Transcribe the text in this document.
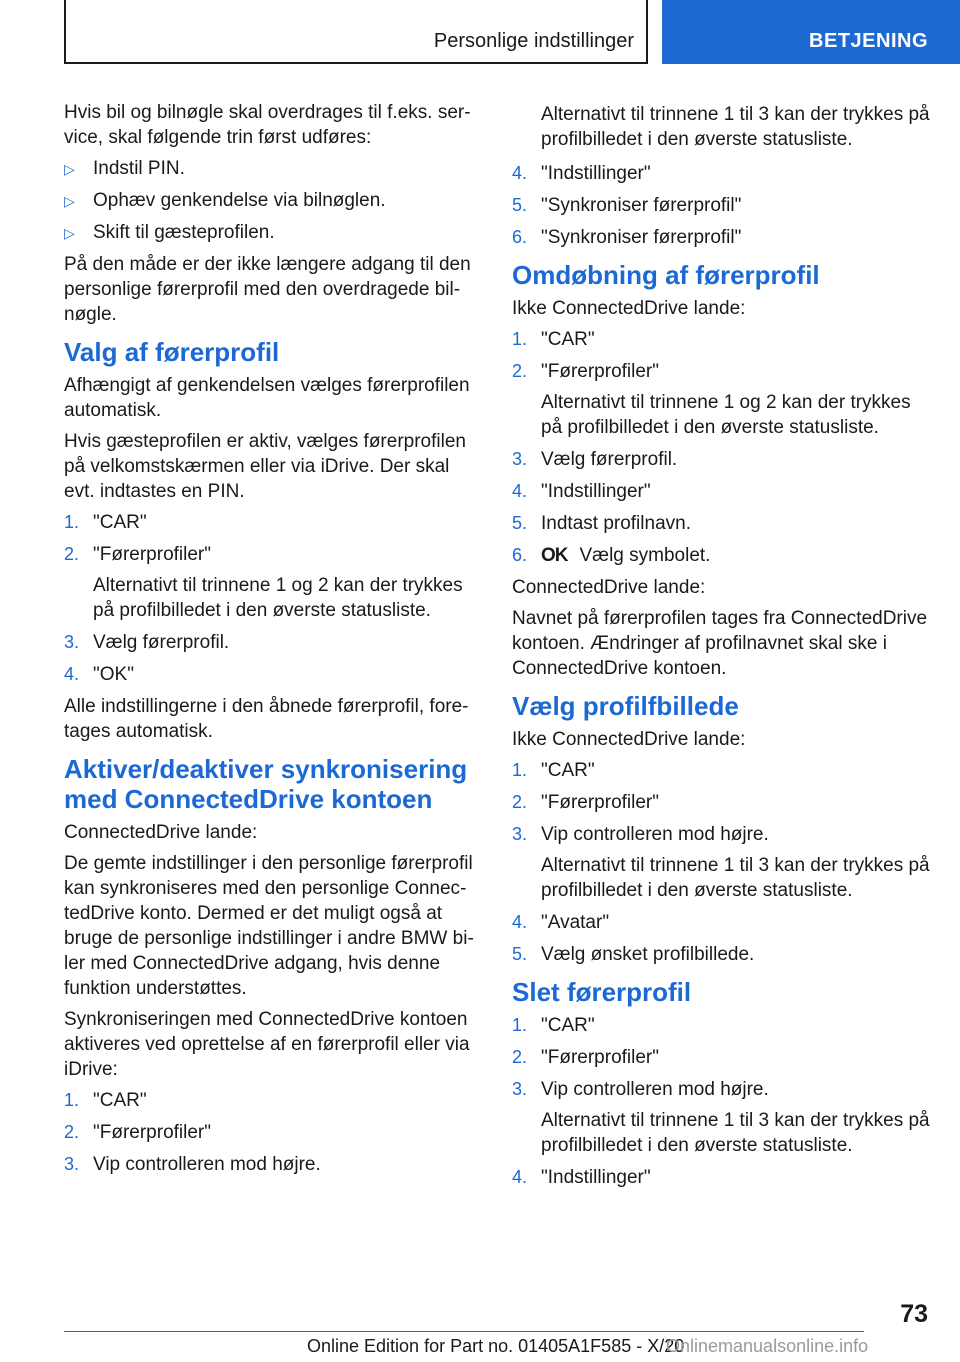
Personlige indstillinger	BETJENING

Hvis bil og bilnøgle skal overdrages til f.eks. service, skal følgende trin først udføres:

▷ Indstil PIN.
▷ Ophæv genkendelse via bilnøglen.
▷ Skift til gæsteprofilen.

På den måde er der ikke længere adgang til den personlige førerprofil med den overdragede bilnøgle.

Valg af førerprofil

Afhængigt af genkendelsen vælges førerprofilen automatisk.

Hvis gæsteprofilen er aktiv, vælges førerprofilen på velkomstskærmen eller via iDrive. Der skal evt. indtastes en PIN.

1. "CAR"
2. "Førerprofiler"
Alternativt til trinnene 1 og 2 kan der trykkes på profilbilledet i den øverste statusliste.
3. Vælg førerprofil.
4. "OK"

Alle indstillingerne i den åbnede førerprofil, foretages automatisk.

Aktiver/deaktiver synkronisering med ConnectedDrive kontoen

ConnectedDrive lande:

De gemte indstillinger i den personlige førerprofil kan synkroniseres med den personlige ConnectedDrive konto. Dermed er det muligt også at bruge de personlige indstillinger i andre BMW biler med ConnectedDrive adgang, hvis denne funktion understøttes.

Synkroniseringen med ConnectedDrive kontoen aktiveres ved oprettelse af en førerprofil eller via iDrive:

1. "CAR"
2. "Førerprofiler"
3. Vip controlleren mod højre.
Alternativt til trinnene 1 til 3 kan der trykkes på profilbilledet i den øverste statusliste.
4. "Indstillinger"
5. "Synkroniser førerprofil"
6. "Synkroniser førerprofil"
Omdøbning af førerprofil

Ikke ConnectedDrive lande:

1. "CAR"
2. "Førerprofiler"
Alternativt til trinnene 1 og 2 kan der trykkes på profilbilledet i den øverste statusliste.
3. Vælg førerprofil.
4. "Indstillinger"
5. Indtast profilnavn.
6. OK Vælg symbolet.

ConnectedDrive lande:

Navnet på førerprofilen tages fra ConnectedDrive kontoen. Ændringer af profilnavnet skal ske i ConnectedDrive kontoen.

Vælg profilfbillede

Ikke ConnectedDrive lande:

1. "CAR"
2. "Førerprofiler"
3. Vip controlleren mod højre.
Alternativt til trinnene 1 til 3 kan der trykkes på profilbilledet i den øverste statusliste.
4. "Avatar"
5. Vælg ønsket profilbillede.
Slet førerprofil
1. "CAR"
2. "Førerprofiler"
3. Vip controlleren mod højre.
Alternativt til trinnene 1 til 3 kan der trykkes på profilbilledet i den øverste statusliste.
4. "Indstillinger"
73
Online Edition for Part no. 01405A1F585 - X/20
Onlinemanualsonline.info
